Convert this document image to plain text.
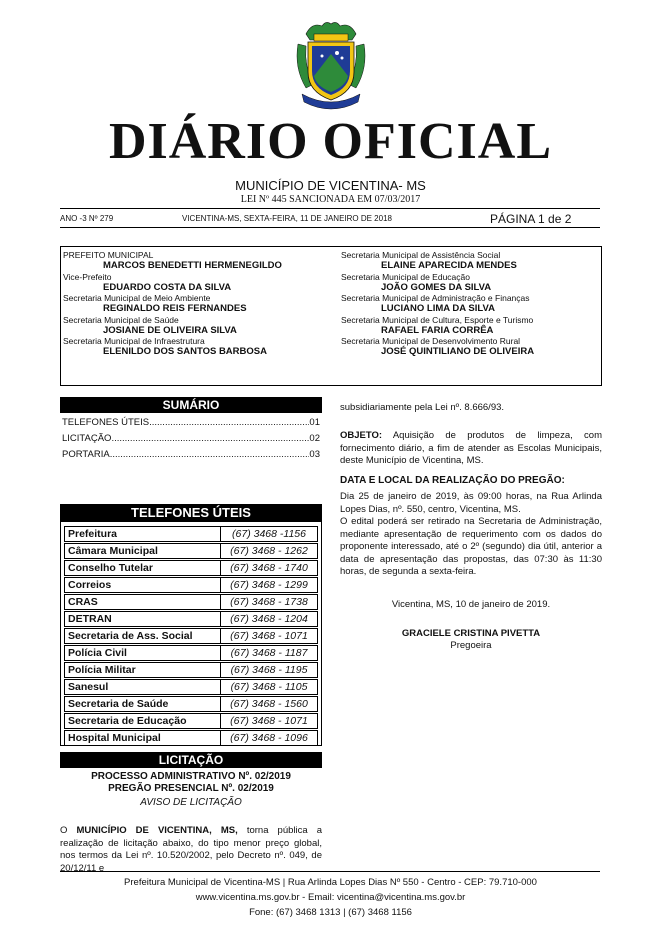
DIÁRIO OFICIAL
MUNICÍPIO DE VICENTINA- MS
LEI Nº 445 SANCIONADA EM 07/03/2017
ANO -3 Nº 279	VICENTINA-MS, SEXTA-FEIRA, 11 DE JANEIRO DE 2018	PÁGINA 1 de 2
PREFEITO MUNICIPAL
MARCOS BENEDETTI HERMENEGILDO
Vice-Prefeito
EDUARDO COSTA DA SILVA
Secretaria Municipal de Meio Ambiente
REGINALDO REIS FERNANDES
Secretaria Municipal de Saúde
JOSIANE DE OLIVEIRA SILVA
Secretaria Municipal de Infraestrutura
ELENILDO DOS SANTOS BARBOSA
Secretaria Municipal de Assistência Social
ELAINE APARECIDA MENDES
Secretaria Municipal de Educação
JOÃO GOMES DA SILVA
Secretaria Municipal de Administração e Finanças
LUCIANO LIMA DA SILVA
Secretaria Municipal de Cultura, Esporte e Turismo
RAFAEL FARIA CORRÊA
Secretaria Municipal de Desenvolvimento Rural
JOSÉ QUINTILIANO DE OLIVEIRA
SUMÁRIO
TELEFONES ÚTEIS .....	01
LICITAÇÃO .....	02
PORTARIA .....	03
TELEFONES ÚTEIS
Prefeitura	(67) 3468 -1156
Câmara Municipal	(67) 3468 - 1262
Conselho Tutelar	(67) 3468 - 1740
Correios	(67) 3468 - 1299
CRAS	(67) 3468 - 1738
DETRAN	(67) 3468 - 1204
Secretaria de Ass. Social	(67) 3468 - 1071
Polícia Civil	(67) 3468 - 1187
Polícia Militar	(67) 3468 - 1195
Sanesul	(67) 3468 - 1105
Secretaria de Saúde	(67) 3468 - 1560
Secretaria de Educação	(67) 3468 - 1071
Hospital Municipal	(67) 3468 - 1096
LICITAÇÃO
PROCESSO ADMINISTRATIVO Nº. 02/2019
PREGÃO PRESENCIAL Nº. 02/2019
AVISO DE LICITAÇÃO
O MUNICÍPIO DE VICENTINA, MS, torna pública a realização de licitação abaixo, do tipo menor preço global, nos termos da Lei nº. 10.520/2002, pelo Decreto nº. 049, de 20/12/11 e
subsidiariamente pela Lei nº. 8.666/93.
OBJETO: Aquisição de produtos de limpeza, com fornecimento diário, a fim de atender as Escolas Municipais, deste Município de Vicentina, MS.
DATA E LOCAL DA REALIZAÇÃO DO PREGÃO:
Dia 25 de janeiro de 2019, às 09:00 horas, na Rua Arlinda Lopes Dias, nº. 550, centro, Vicentina, MS.
O edital poderá ser retirado na Secretaria de Administração, mediante apresentação de requerimento com os dados do proponente interessado, até o 2º (segundo) dia útil, anterior a data de apresentação das propostas, das 07:30 às 11:30 horas, de segunda a sexta-feira.
Vicentina, MS, 10 de janeiro de 2019.
GRACIELE CRISTINA PIVETTA
Pregoeira
Prefeitura Municipal de Vicentina-MS | Rua Arlinda Lopes Dias Nº 550 - Centro - CEP: 79.710-000
www.vicentina.ms.gov.br - Email: vicentina@vicentina.ms.gov.br
Fone: (67) 3468 1313 | (67) 3468 1156
